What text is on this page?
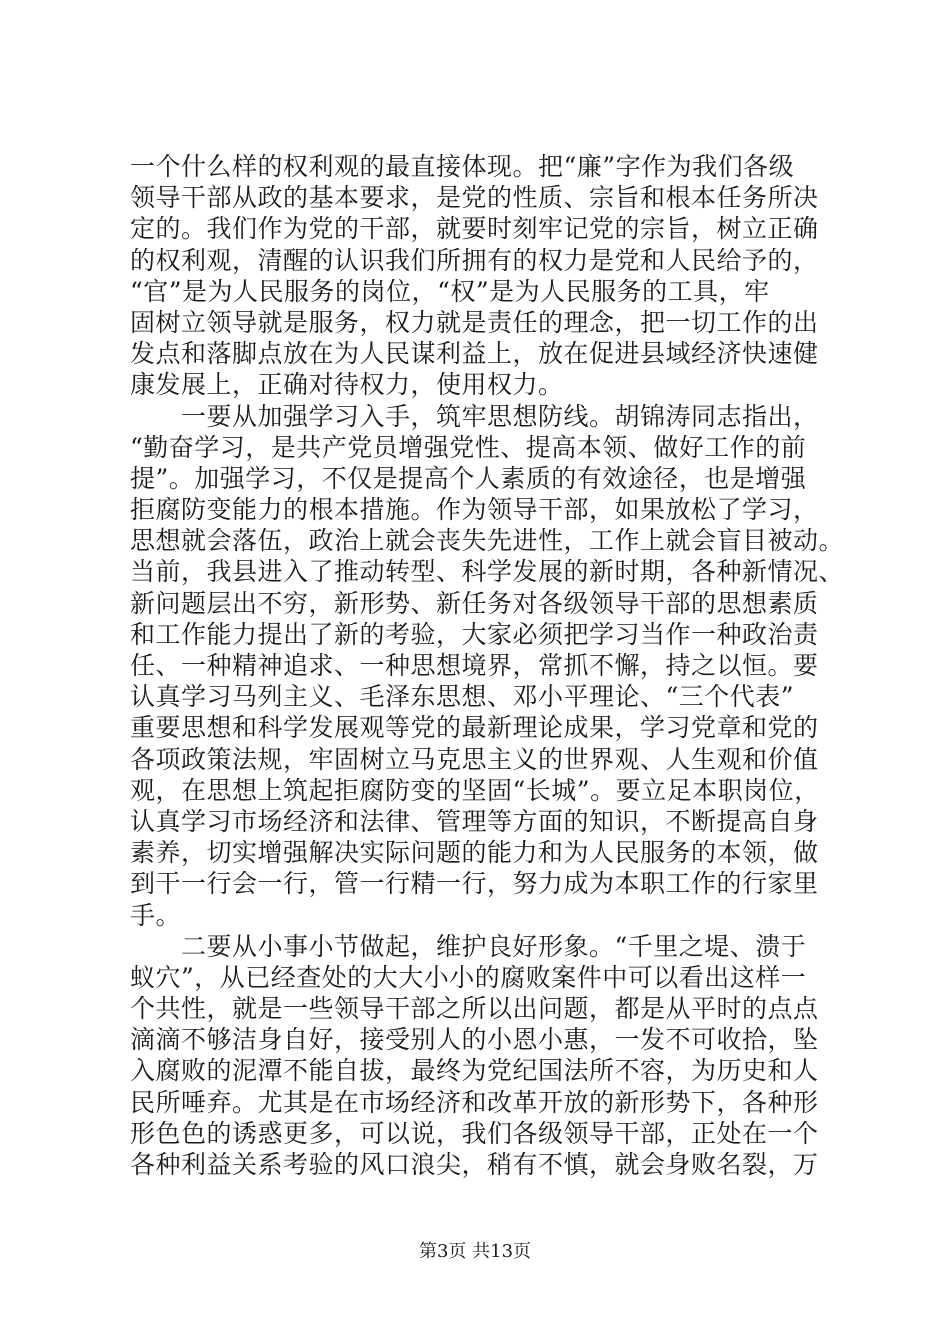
一个什么样的权利观的最直接体现。把“廉”字作为我们各级
领导干部从政的基本要求，是党的性质、宗旨和根本任务所决
定的。我们作为党的干部，就要时刻牢记党的宗旨，树立正确
的权利观，清醒的认识我们所拥有的权力是党和人民给予的，
“官”是为人民服务的岗位，“权”是为人民服务的工具，牢
固树立领导就是服务，权力就是责任的理念，把一切工作的出
发点和落脚点放在为人民谋利益上，放在促进县域经济快速健
康发展上，正确对待权力，使用权力。
　　一要从加强学习入手，筑牢思想防线。胡锦涛同志指出，
“勤奋学习，是共产党员增强党性、提高本领、做好工作的前
提”。加强学习，不仅是提高个人素质的有效途径，也是增强
拒腐防变能力的根本措施。作为领导干部，如果放松了学习，
思想就会落伍，政治上就会丧失先进性，工作上就会盲目被动。
当前，我县进入了推动转型、科学发展的新时期，各种新情况、
新问题层出不穷，新形势、新任务对各级领导干部的思想素质
和工作能力提出了新的考验，大家必须把学习当作一种政治责
任、一种精神追求、一种思想境界，常抓不懈，持之以恒。要
认真学习马列主义、毛泽东思想、邓小平理论、“三个代表”
重要思想和科学发展观等党的最新理论成果，学习党章和党的
各项政策法规，牢固树立马克思主义的世界观、人生观和价值
观，在思想上筑起拒腐防变的坚固“长城”。要立足本职岗位，
认真学习市场经济和法律、管理等方面的知识，不断提高自身
素养，切实增强解决实际问题的能力和为人民服务的本领，做
到干一行会一行，管一行精一行，努力成为本职工作的行家里
手。
　　二要从小事小节做起，维护良好形象。“千里之堤、溃于
蚁穴”，从已经查处的大大小小的腐败案件中可以看出这样一
个共性，就是一些领导干部之所以出问题，都是从平时的点点
滴滴不够洁身自好，接受别人的小恩小惠，一发不可收拾，坠
入腐败的泥潭不能自拔，最终为党纪国法所不容，为历史和人
民所唾弃。尤其是在市场经济和改革开放的新形势下，各种形
形色色的诱惑更多，可以说，我们各级领导干部，正处在一个
各种利益关系考验的风口浪尖，稍有不慎，就会身败名裂，万
第3页 共13页
